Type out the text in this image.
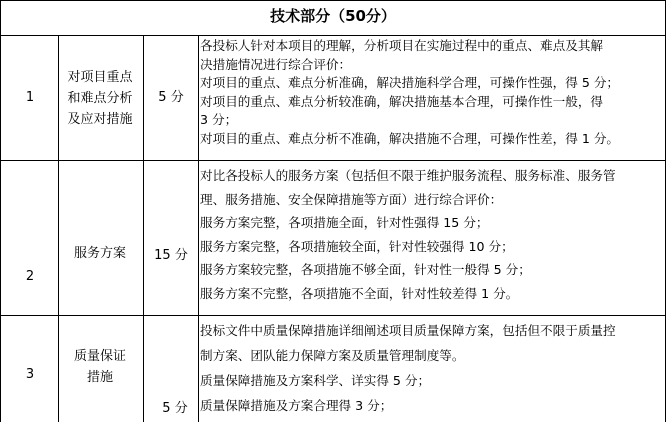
技术部分（50分）
1
对项目重点
和难点分析
及应对措施
5 分
各投标人针对本项目的理解，分析项目在实施过程中的重点、难点及其解
决措施情况进行综合评价：
对项目的重点、难点分析准确，解决措施科学合理，可操作性强，得 5 分；
对项目的重点、难点分析较准确，解决措施基本合理，可操作性一般，得
3 分；
对项目的重点、难点分析不准确，解决措施不合理，可操作性差，得 1 分。
2
服务方案	15 分
对比各投标人的服务方案（包括但不限于维护服务流程、服务标准、服务管
理、服务措施、安全保障措施等方面）进行综合评价：
服务方案完整，各项措施全面，针对性强得 15 分；
服务方案完整，各项措施较全面，针对性较强得 10 分；
服务方案较完整，各项措施不够全面，针对性一般得 5 分；
服务方案不完整，各项措施不全面，针对性较差得 1 分。
3
质量保证
措施
5 分
投标文件中质量保障措施详细阐述项目质量保障方案，包括但不限于质量控
制方案、团队能力保障方案及质量管理制度等。
质量保障措施及方案科学、详实得 5 分；
质量保障措施及方案合理得 3 分；
